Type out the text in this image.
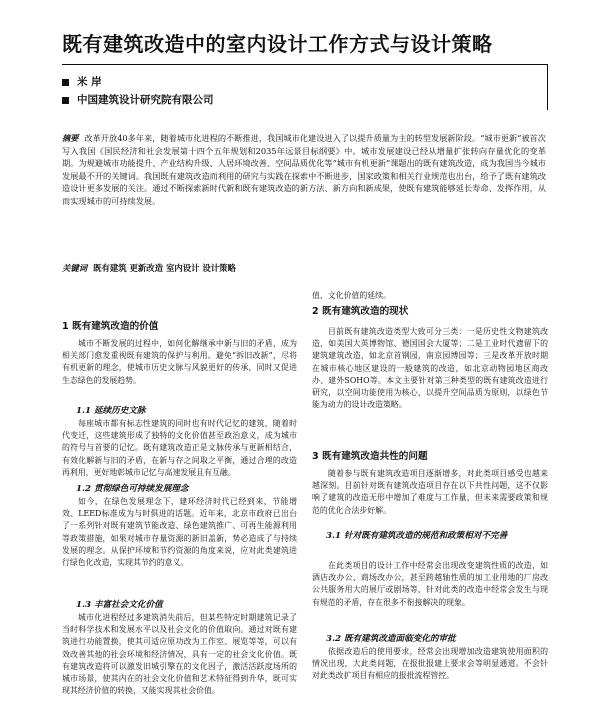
既有建筑改造中的室内设计工作方式与设计策略
米 岸
中国建筑设计研究院有限公司
摘要 改革开放40多年来，随着城市化进程的不断推进，我国城市化建设进入了以提升质量为主的转型发展新阶段。“城市更新”被首次写入我国《国民经济和社会发展第十四个五年规划和2035年远景目标纲要》中。城市发展建设已经从增量扩张转向存量优化的变革期。为规避城市功能提升、产业结构升级、人居环境改善、空间品质优化等“城市有机更新”课题出的既有建筑改造，成为我国当今城市发展最不开的关键词。我国既有建筑改造而利用的研究与实践在探索中不断进步，国家政策和相关行业规范也出台，给予了既有建筑改造设计更多发展的关注。通过不断探索新时代新和既有建筑改造的新方法、新方向和新成果，使既有建筑能够延长寿命、发挥作用，从而实现城市的可持续发展。
关键词 既有建筑 更新改造 室内设计 设计策略
1 既有建筑改造的价值

城市不断发展的过程中，如何化解继承中新与旧的矛盾，成为相关部门愈发重视既有建筑的保护与利用。避免“拆旧改新”，尽将有机更新的理念，使城市历史文脉与风貌更好的传承，同时又促进生态绿色的发展趋势。

1.1 延续历史文脉

每座城市都有标志性建筑的同时也有时代记忆的建筑，随着时代变迁，这些建筑形成了独特的文化价值甚至政治意义，成为城市的符号与首要的记忆。既有建筑改造正是文脉传承与更新相结合，有效化解新与旧的矛盾，在新与存之间取之平衡，通过合理的改造再利用，更好地彰城市记忆与高速发展且有互融。

1.2 贯彻绿色可持续发展理念

如今，在绿色发展理念下，建环经济时代已经到来，节能增效、LEED标准成为与时俱进的话题。近年来，北京市政府已出台了一系列针对既有建筑节能改造、绿色建筑推广、可再生能源利用等政策措施，如果对城市存量资源的新旧盖新，势必造成了与持续发展的理念。从保护环境和节约资源的角度来说，应对此类建筑进行绿色化改造，实现其节约的意义。

1.3 丰富社会文化价值

城市化进程经过多建筑消失前后，但某些特定时期建筑记录了当时科学技术和发展水平以及社会文化的价值取向。通过对既有建筑进行功能置换，使其可适应原功改为工作室、展览等等，可以有效改善其他的社会环境和经济情况，具有一定的社会文化价值。既有建筑改造将可以激发旧城引擎在的文化因子，激活活跃度场所的城市场景，使其内在的社会文化价值和艺术特征得到升华，既可实现其经济价值的转换，又能实现其社会价值。

值、文化价值的延续。

2 既有建筑改造的现状

目前既有建筑改造类型大致可分三类：一是历史性文物建筑改造，如美国大英博物馆、德国国会大厦等；二是工业时代遗留下的建筑建筑改造，如北京首钢园，南京园博园等；三是改革开放时期在城市核心地区建设的一般建筑的改造，如北京动物园地区商改办、建外SOHO等。本文主要针对第三种类型的既有建筑改造进行研究，以空间功能使用为核心，以提升空间品质为原则，以绿色节能为动力的设计改造策略。

3 既有建筑改造共性的问题

随着参与既有建筑改造项目逐渐增多，对此类项目感受也越来越深刻。目前针对既有建筑改造项目存在以下共性问题，这不仅影响了建筑的改造无形中增加了难度与工作量，但未来需要政策和规范的优化合法步好解。

3.1 针对既有建筑改造的规范和政策相对不完善

在此类项目的设计工作中经常会出现改变建筑性质的改造，如酒店改办公、商场改办公，甚至跨越轴性质的加工业用地的厂房改公共服务用大的展厅或剧场等，针对此类的改造中经常会发生与现有规范的矛盾，存在很多不衔接解决的现象。

3.2 既有建筑改造面临变化的审批

依据改造后的使用要求，经常会出现增加改造建筑使用面积的情况出现，大此类问题，在报批报建上要求会等明显通道。不会针对此类改扩项目有相应的报批流程管控。
